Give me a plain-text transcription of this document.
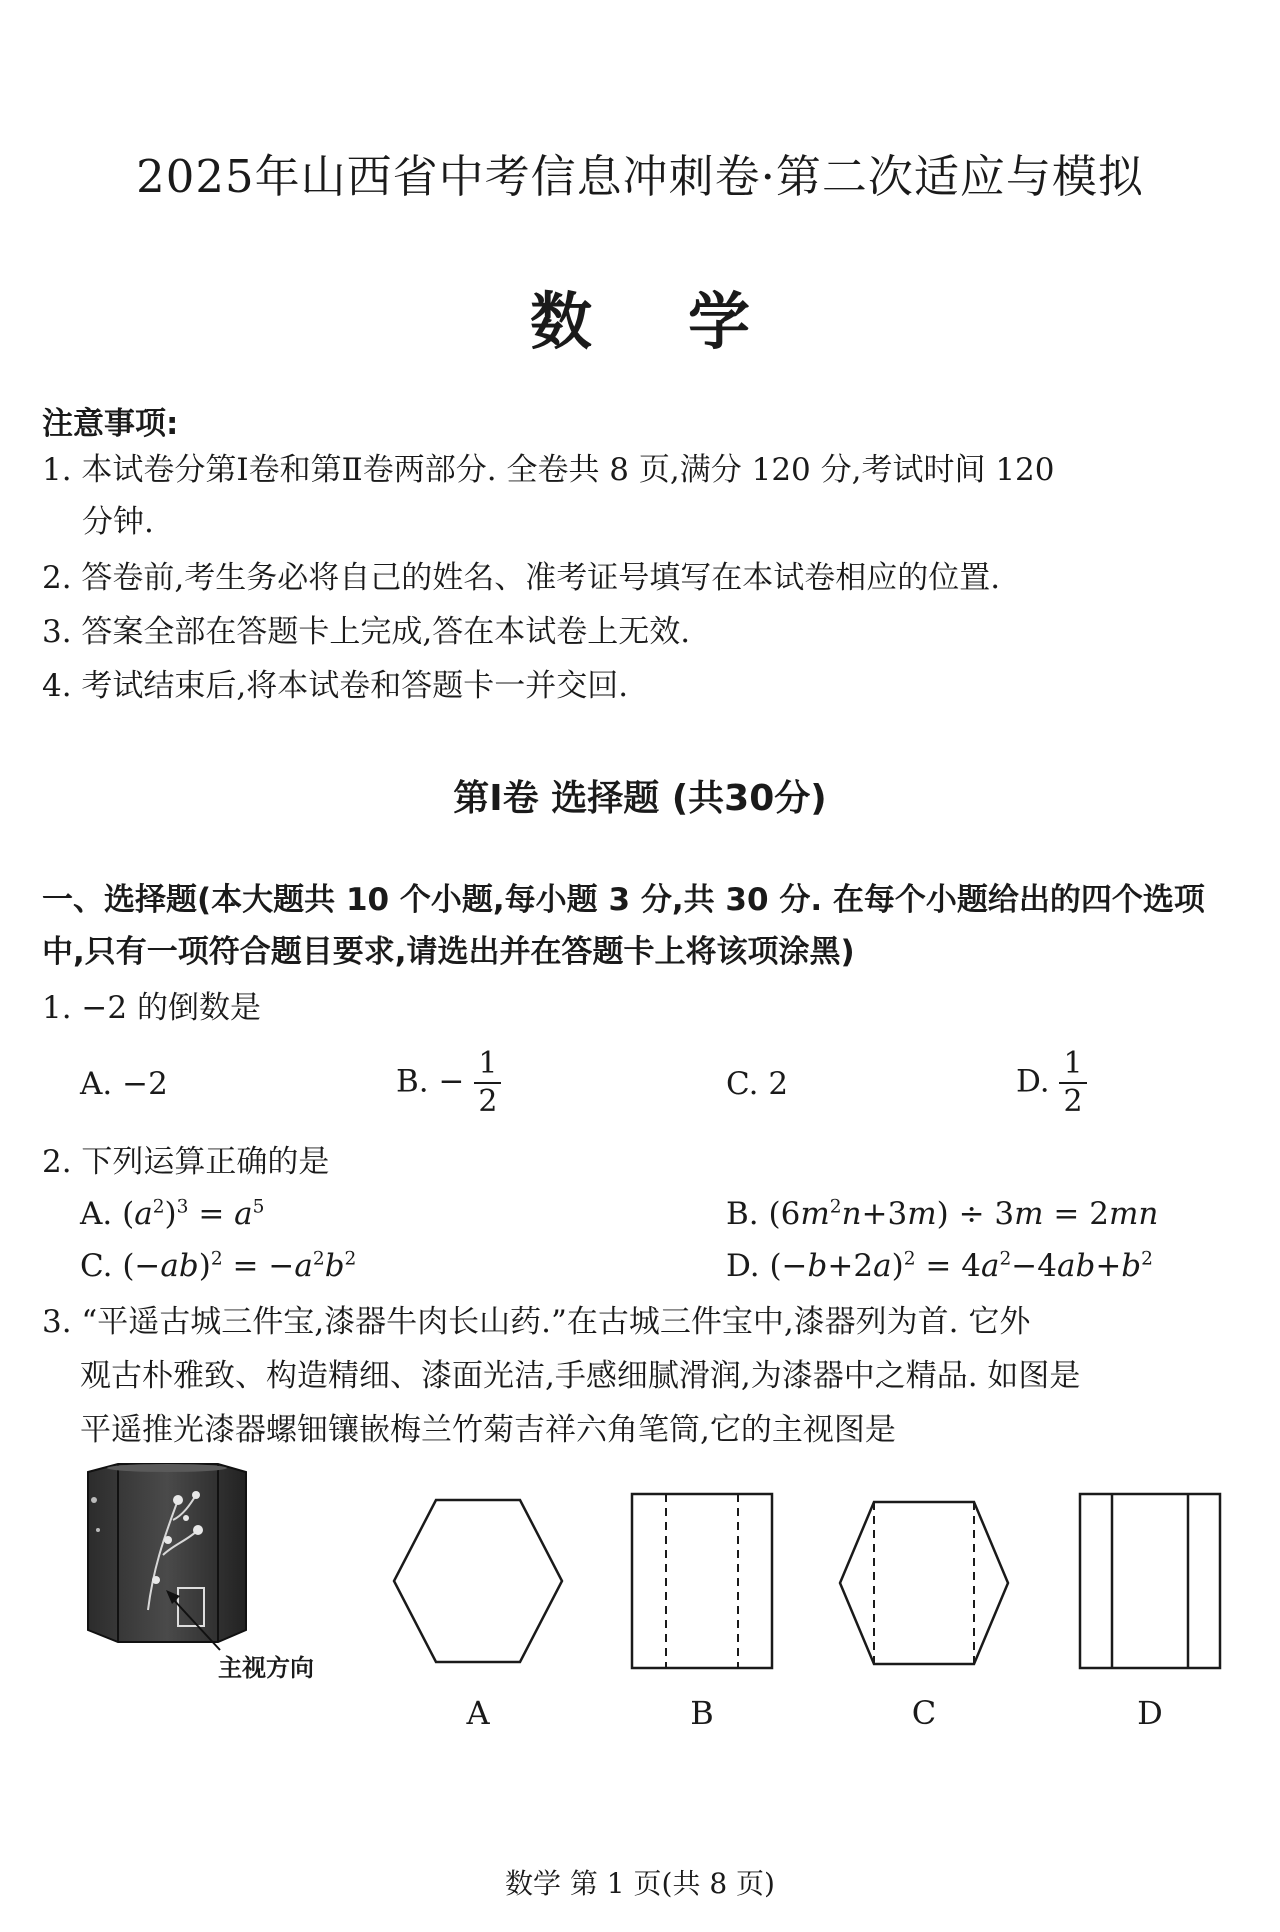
2025年山西省中考信息冲刺卷·第二次适应与模拟
数学
注意事项:
1. 本试卷分第Ⅰ卷和第Ⅱ卷两部分. 全卷共 8 页,满分 120 分,考试时间 120
分钟.
2. 答卷前,考生务必将自己的姓名、准考证号填写在本试卷相应的位置.
3. 答案全部在答题卡上完成,答在本试卷上无效.
4. 考试结束后,将本试卷和答题卡一并交回.
第Ⅰ卷 选择题 (共30分)
一、选择题(本大题共 10 个小题,每小题 3 分,共 30 分. 在每个小题给出的四个选项中,只有一项符合题目要求,请选出并在答题卡上将该项涂黑)
1. −2 的倒数是
A. −2	B. − $\frac{1}{2}$	C. 2	D. $\frac{1}{2}$
2. 下列运算正确的是
A. $(a^2)^3 = a^5$	B. $(6m^2n+3m) \div 3m = 2mn$
C. $(-ab)^2 = -a^2b^2$	D. $(-b+2a)^2 = 4a^2-4ab+b^2$
3. “平遥古城三件宝,漆器牛肉长山药.”在古城三件宝中,漆器列为首. 它外
观古朴雅致、构造精细、漆面光洁,手感细腻滑润,为漆器中之精品. 如图是
平遥推光漆器螺钿镶嵌梅兰竹菊吉祥六角笔筒,它的主视图是
主视方向
A	B	C	D
数学 第 1 页(共 8 页)
